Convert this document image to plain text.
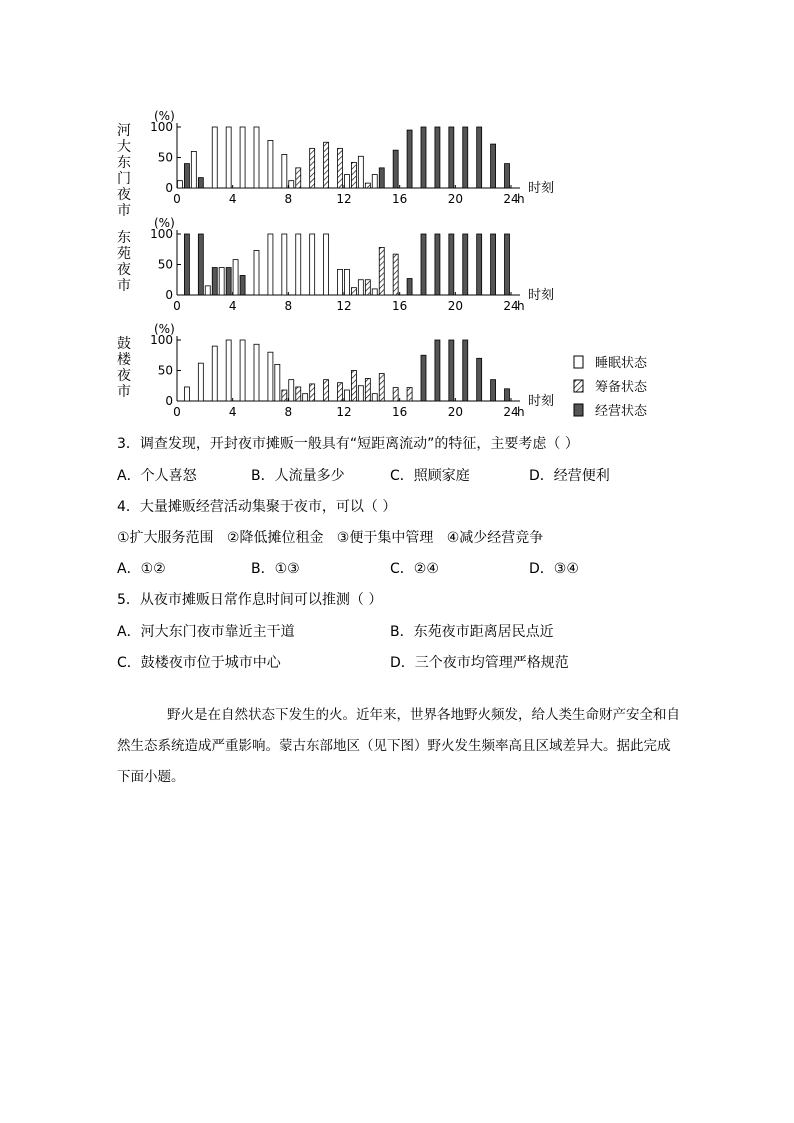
0
50
100
(%)
0	4	8	12	16	20	24
h
时刻
河大东门夜市
0
50
100
(%)
0	4	8	12	16	20	24
h
时刻
东苑夜市
0
50
100
(%)
0	4	8	12	16	20	24
h
时刻
鼓楼夜市
睡眠状态
筹备状态
经营状态
3．调查发现，开封夜市摊贩一般具有“短距离流动”的特征，主要考虑（ ）
A．个人喜怒	B．人流量多少	C．照顾家庭	D．经营便利
4．大量摊贩经营活动集聚于夜市，可以（ ）
①扩大服务范围   ②降低摊位租金   ③便于集中管理   ④减少经营竞争
A．①②	B．①③	C．②④	D．③④
5．从夜市摊贩日常作息时间可以推测（ ）
A．河大东门夜市靠近主干道	B．东苑夜市距离居民点近
C．鼓楼夜市位于城市中心	D．三个夜市均管理严格规范
野火是在自然状态下发生的火。近年来，世界各地野火频发，给人类生命财产安全和自然生态系统造成严重影响。蒙古东部地区（见下图）野火发生频率高且区域差异大。据此完成下面小题。
